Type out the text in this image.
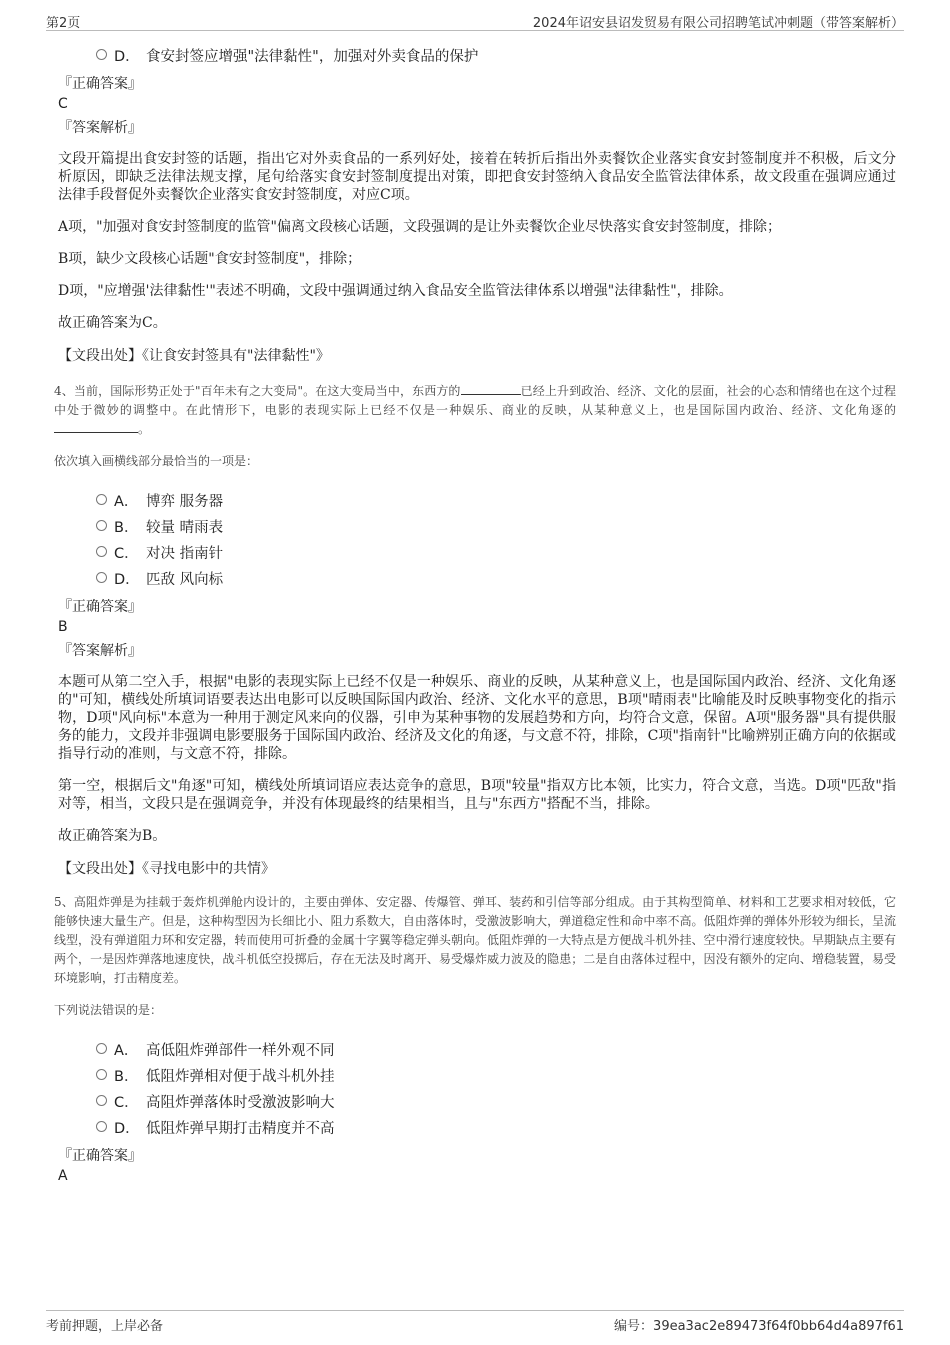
第2页	2024年诏安县诏发贸易有限公司招聘笔试冲刺题（带答案解析）
D． 食安封签应增强"法律黏性"，加强对外卖食品的保护

『正确答案』

C

『答案解析』

文段开篇提出食安封签的话题，指出它对外卖食品的一系列好处，接着在转折后指出外卖餐饮企业落实食安封签制度并不积极，后文分析原因，即缺乏法律法规支撑，尾句给落实食安封签制度提出对策，即把食安封签纳入食品安全监管法律体系，故文段重在强调应通过法律手段督促外卖餐饮企业落实食安封签制度，对应C项。

A项，"加强对食安封签制度的监管"偏离文段核心话题，文段强调的是让外卖餐饮企业尽快落实食安封签制度，排除；

B项，缺少文段核心话题"食安封签制度"，排除；

D项，"应增强'法律黏性'"表述不明确，文段中强调通过纳入食品安全监管法律体系以增强"法律黏性"，排除。

故正确答案为C。

【文段出处】《让食安封签具有"法律黏性"》

4、当前，国际形势正处于"百年未有之大变局"。在这大变局当中，东西方的	已经上升到政治、经济、文化的层面，社会的心态和情绪也在这个过程中处于微妙的调整中。在此情形下，电影的表现实际上已经不仅是一种娱乐、商业的反映，从某种意义上，也是国际国内政治、经济、文化角逐的。

依次填入画横线部分最恰当的一项是：

A． 博弈 服务器
B． 较量 晴雨表
C． 对决 指南针
D． 匹敌 风向标

『正确答案』

B

『答案解析』

本题可从第二空入手，根据"电影的表现实际上已经不仅是一种娱乐、商业的反映，从某种意义上，也是国际国内政治、经济、文化角逐的"可知，横线处所填词语要表达出电影可以反映国际国内政治、经济、文化水平的意思，B项"晴雨表"比喻能及时反映事物变化的指示物，D项"风向标"本意为一种用于测定风来向的仪器，引申为某种事物的发展趋势和方向，均符合文意，保留。A项"服务器"具有提供服务的能力，文段并非强调电影要服务于国际国内政治、经济及文化的角逐，与文意不符，排除，C项"指南针"比喻辨别正确方向的依据或指导行动的准则，与文意不符，排除。

第一空，根据后文"角逐"可知，横线处所填词语应表达竞争的意思，B项"较量"指双方比本领，比实力，符合文意，当选。D项"匹敌"指对等，相当，文段只是在强调竞争，并没有体现最终的结果相当，且与"东西方"搭配不当，排除。

故正确答案为B。

【文段出处】《寻找电影中的共情》

5、高阻炸弹是为挂载于轰炸机弹舱内设计的，主要由弹体、安定器、传爆管、弹耳、装药和引信等部分组成。由于其构型简单、材料和工艺要求相对较低，它能够快速大量生产。但是，这种构型因为长细比小、阻力系数大，自由落体时，受激波影响大，弹道稳定性和命中率不高。低阻炸弹的弹体外形较为细长，呈流线型，没有弹道阻力环和安定器，转而使用可折叠的金属十字翼等稳定弹头朝向。低阻炸弹的一大特点是方便战斗机外挂、空中滑行速度较快。早期缺点主要有两个，一是因炸弹落地速度快，战斗机低空投掷后，存在无法及时离开、易受爆炸威力波及的隐患；二是自由落体过程中，因没有额外的定向、增稳装置，易受环境影响，打击精度差。

下列说法错误的是：

A． 高低阻炸弹部件一样外观不同
B． 低阻炸弹相对便于战斗机外挂
C． 高阻炸弹落体时受激波影响大
D． 低阻炸弹早期打击精度并不高

『正确答案』

A

考前押题，上岸必备	编号：39ea3ac2e89473f64f0bb64d4a897f61
